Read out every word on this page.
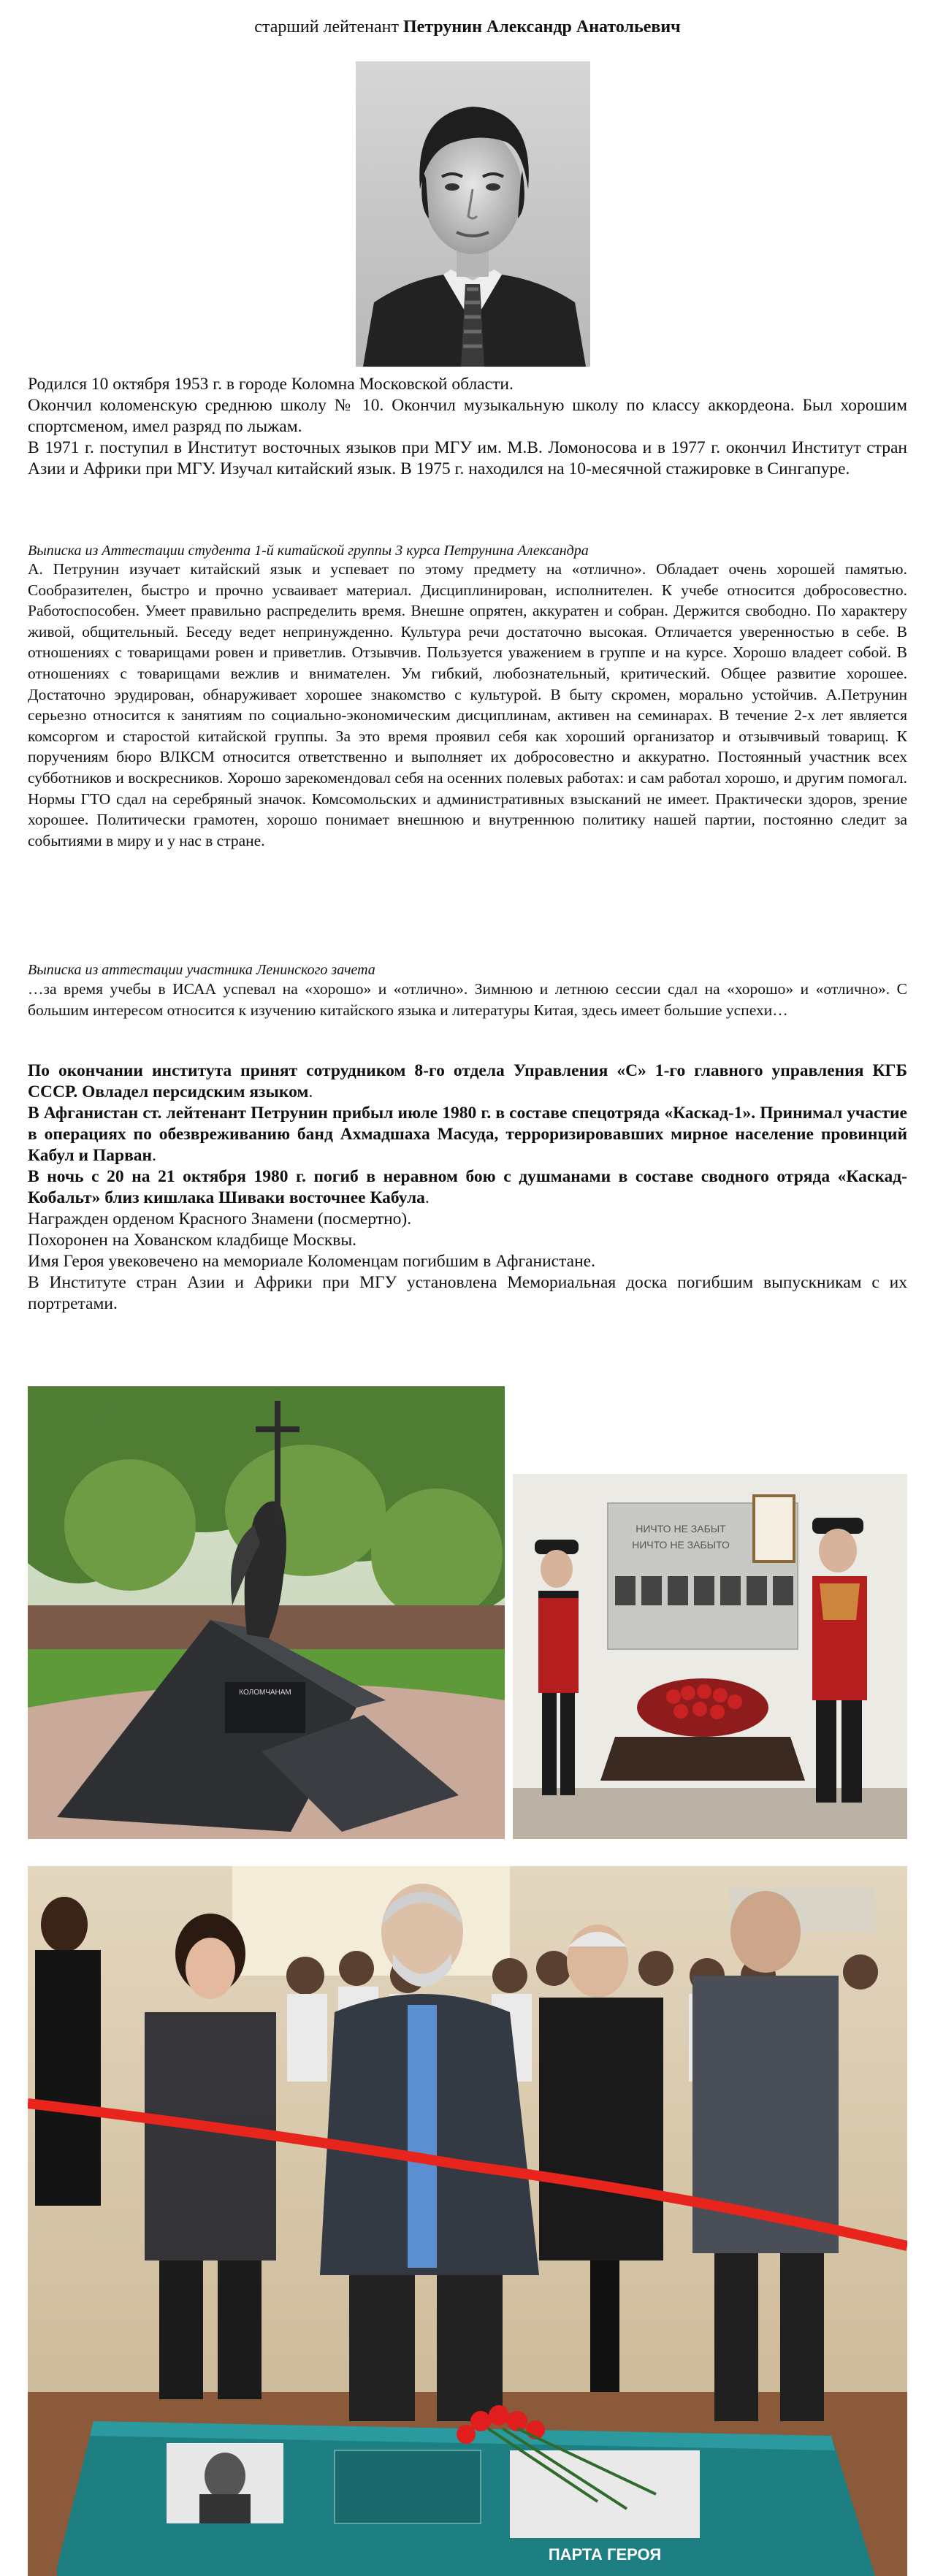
старший лейтенант Петрунин Александр Анатольевич

Родился 10 октября 1953 г. в городе Коломна Московской области.

Окончил коломенскую среднюю школу № 10. Окончил музыкальную школу по классу аккордеона. Был хорошим спортсменом, имел разряд по лыжам.

В 1971 г. поступил в Институт восточных языков при МГУ им. М.В. Ломоносова и в 1977 г. окончил Институт стран Азии и Африки при МГУ. Изучал китайский язык. В 1975 г. находился на 10-месячной стажировке в Сингапуре.

Выписка из Аттестации студента 1-й китайской группы 3 курса Петрунина Александра
А. Петрунин изучает китайский язык и успевает по этому предмету на «отлично». Обладает очень хорошей памятью. Сообразителен, быстро и прочно усваивает материал. Дисциплинирован, исполнителен. К учебе относится добросовестно. Работоспособен. Умеет правильно распределить время. Внешне опрятен, аккуратен и собран. Держится свободно. По характеру живой, общительный. Беседу ведет непринужденно. Культура речи достаточно высокая. Отличается уверенностью в себе. В отношениях с товарищами ровен и приветлив. Отзывчив. Пользуется уважением в группе и на курсе. Хорошо владеет собой. В отношениях с товарищами вежлив и внимателен. Ум гибкий, любознательный, критический. Общее развитие хорошее. Достаточно эрудирован, обнаруживает хорошее знакомство с культурой. В быту скромен, морально устойчив. А.Петрунин серьезно относится к занятиям по социально-экономическим дисциплинам, активен на семинарах. В течение 2-х лет является комсоргом и старостой китайской группы. За это время проявил себя как хороший организатор и отзывчивый товарищ. К поручениям бюро ВЛКСМ относится ответственно и выполняет их добросовестно и аккуратно. Постоянный участник всех субботников и воскресников. Хорошо зарекомендовал себя на осенних полевых работах: и сам работал хорошо, и другим помогал. Нормы ГТО сдал на серебряный значок. Комсомольских и административных взысканий не имеет. Практически здоров, зрение хорошее. Политически грамотен, хорошо понимает внешнюю и внутреннюю политику нашей партии, постоянно следит за событиями в миру и у нас в стране.
Выписка из аттестации участника Ленинского зачета
…за время учебы в ИСАА успевал на «хорошо» и «отлично». Зимнюю и летнюю сессии сдал на «хорошо» и «отлично». С большим интересом относится к изучению китайского языка и литературы Китая, здесь имеет большие успехи…

По окончании института принят сотрудником 8-го отдела Управления «С» 1-го главного управления КГБ СССР. Овладел персидским языком.

В Афганистан ст. лейтенант Петрунин прибыл июле 1980 г. в составе спецотряда «Каскад-1». Принимал участие в операциях по обезвреживанию банд Ахмадшаха Масуда, терроризировавших мирное население провинций Кабул и Парван.

В ночь с 20 на 21 октября 1980 г. погиб в неравном бою с душманами в составе сводного отряда «Каскад-Кобальт» близ кишлака Шиваки восточнее Кабула.

Награжден орденом Красного Знамени (посмертно).

Похоронен на Хованском кладбище Москвы.

Имя Героя увековечено на мемориале Коломенцам погибшим в Афганистане.

В Институте стран Азии и Африки при МГУ установлена Мемориальная доска погибшим выпускникам с их портретами.

КОЛОМЧАНАМ
НИЧТО НЕ ЗАБЫТ
НИЧТО НЕ ЗАБЫТО
ПАРТА ГЕРОЯ
